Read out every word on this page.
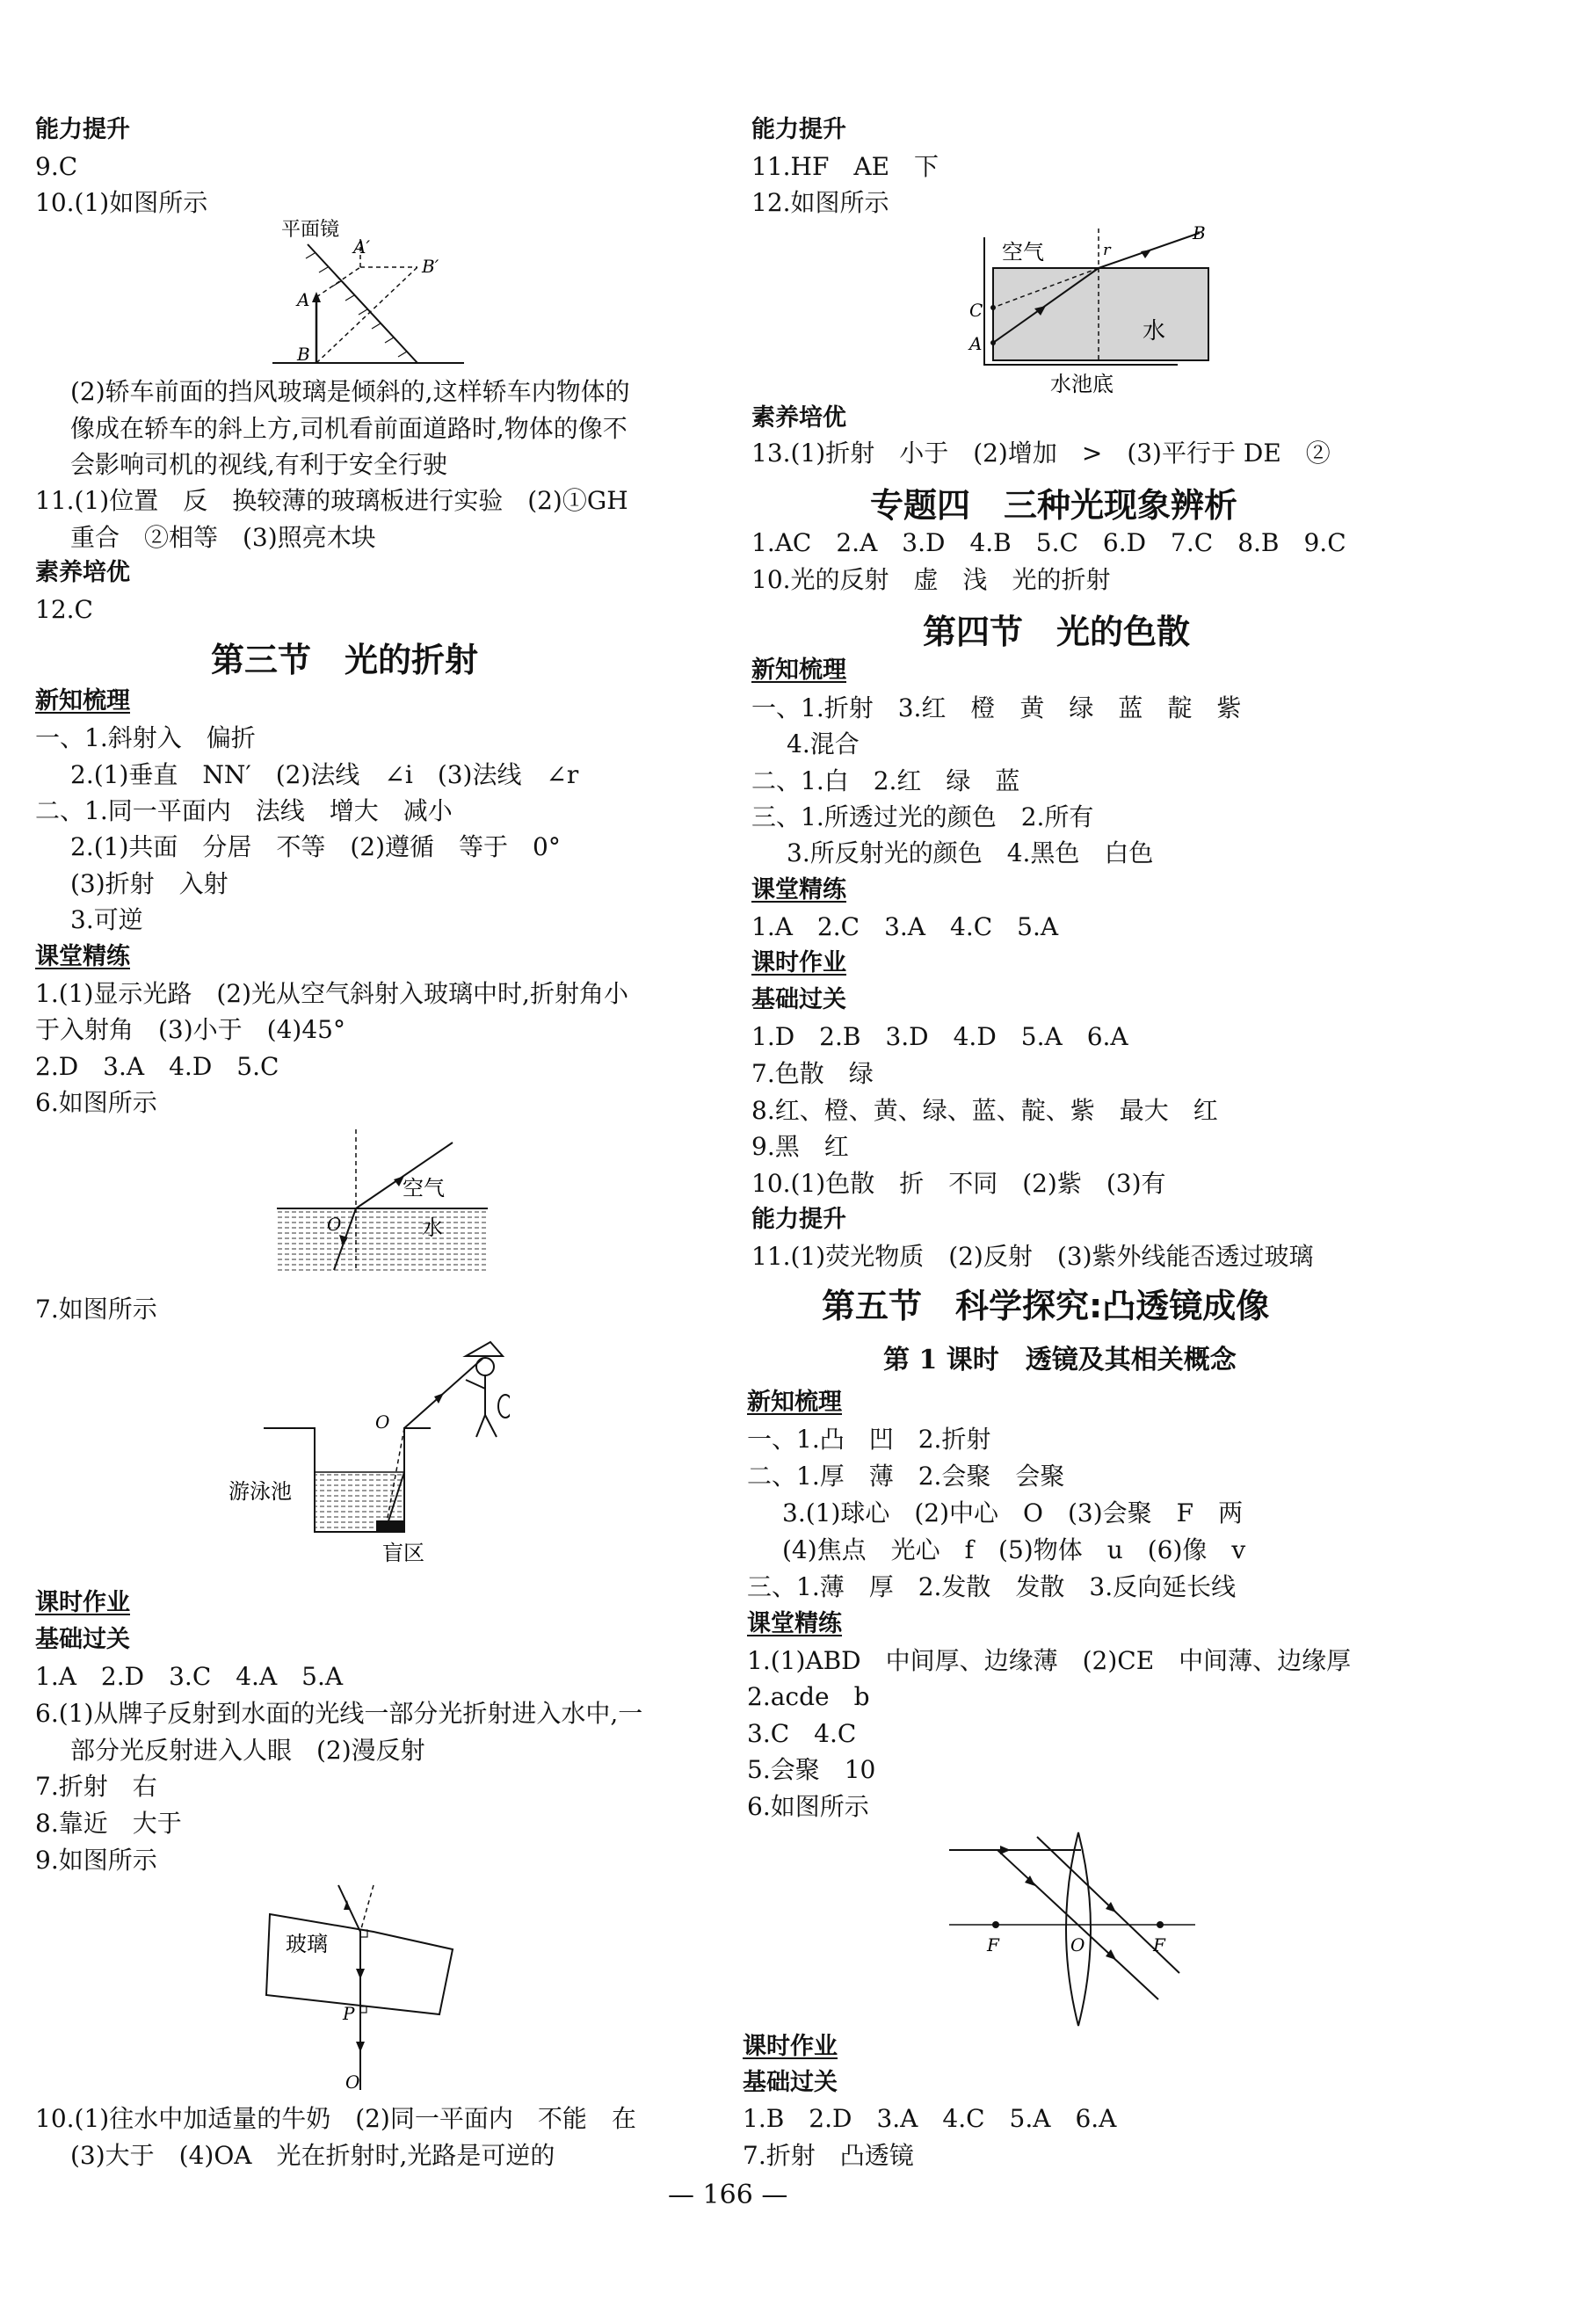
能力提升
9.C
10.(1)如图所示
平面镜
A′
B′
A
B
(2)轿车前面的挡风玻璃是倾斜的,这样轿车内物体的
像成在轿车的斜上方,司机看前面道路时,物体的像不
会影响司机的视线,有利于安全行驶
11.(1)位置　反　换较薄的玻璃板进行实验　(2)①GH
重合　②相等　(3)照亮木块
素养培优
12.C
第三节　光的折射
新知梳理
一、1.斜射入　偏折
2.(1)垂直　NN′　(2)法线　∠i　(3)法线　∠r
二、1.同一平面内　法线　增大　减小
2.(1)共面　分居　不等　(2)遵循　等于　0°
(3)折射　入射
3.可逆
课堂精练
1.(1)显示光路　(2)光从空气斜射入玻璃中时,折射角小
于入射角　(3)小于　(4)45°
2.D　3.A　4.D　5.C
6.如图所示
空气
水
O
7.如图所示
游泳池
盲区
O
课时作业
基础过关
1.A　2.D　3.C　4.A　5.A
6.(1)从牌子反射到水面的光线一部分光折射进入水中,一
部分光反射进入人眼　(2)漫反射
7.折射　右
8.靠近　大于
9.如图所示
玻璃
P
O
10.(1)往水中加适量的牛奶　(2)同一平面内　不能　在
(3)大于　(4)OA　光在折射时,光路是可逆的
能力提升
11.HF　AE　下
12.如图所示
空气
水
水池底
B
C
A
r
素养培优
13.(1)折射　小于　(2)增加　>　(3)平行于 DE　②
专题四　三种光现象辨析
1.AC　2.A　3.D　4.B　5.C　6.D　7.C　8.B　9.C
10.光的反射　虚　浅　光的折射
第四节　光的色散
新知梳理
一、1.折射　3.红　橙　黄　绿　蓝　靛　紫
4.混合
二、1.白　2.红　绿　蓝
三、1.所透过光的颜色　2.所有
3.所反射光的颜色　4.黑色　白色
课堂精练
1.A　2.C　3.A　4.C　5.A
课时作业
基础过关
1.D　2.B　3.D　4.D　5.A　6.A
7.色散　绿
8.红、橙、黄、绿、蓝、靛、紫　最大　红
9.黑　红
10.(1)色散　折　不同　(2)紫　(3)有
能力提升
11.(1)荧光物质　(2)反射　(3)紫外线能否透过玻璃
第五节　科学探究:凸透镜成像
第 1 课时　透镜及其相关概念
新知梳理
一、1.凸　凹　2.折射
二、1.厚　薄　2.会聚　会聚
3.(1)球心　(2)中心　O　(3)会聚　F　两
(4)焦点　光心　f　(5)物体　u　(6)像　v
三、1.薄　厚　2.发散　发散　3.反向延长线
课堂精练
1.(1)ABD　中间厚、边缘薄　(2)CE　中间薄、边缘厚
2.acde　b
3.C　4.C
5.会聚　10
6.如图所示
F	O	F
课时作业
基础过关
1.B　2.D　3.A　4.C　5.A　6.A
7.折射　凸透镜
— 166 —
